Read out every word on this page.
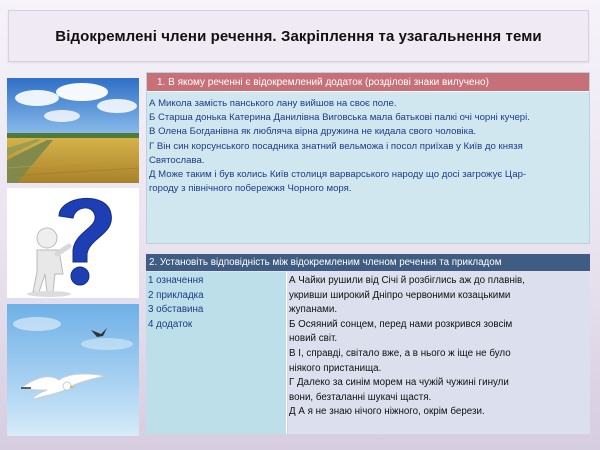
Відокремлені члени речення. Закріплення та узагальнення теми
1. В якому реченні є відокремлений додаток (розділові знаки вилучено)
А Микола замість панського лану вийшов на своє поле.
Б Старша донька Катерина Данилівна Виговська мала батькові палкі очі чорні кучері.
В Олена Богданівна як люблячa вірна дружина не кидала свого чоловіка.
Г Він син корсунського посадника знатний вельможа і посол приїхав у Київ до князя
Святослава.
Д Може таким і був колись Київ столиця варварського народу що досі загрожує Цар-
городу з північного побережжя Чорного моря.
2. Установіть відповідність між відокремленим членом речення та прикладом
1 означення
2 прикладка
3 обставина
4 додаток
А Чайки рушили від Січі й розбіглись аж до плавнів,
укривши широкий Дніпро червоними козацькими
жупанами.
Б Осяяний сонцем, перед нами розкрився зовсім
новий світ.
В І, справді, світало вже, а в нього ж іще не було
ніякого пристанища.
Г Далеко за синім морем на чужій чужині гинули
вони, безталанні шукачі щастя.
Д А я не знаю нічого ніжного, окрім берези.
